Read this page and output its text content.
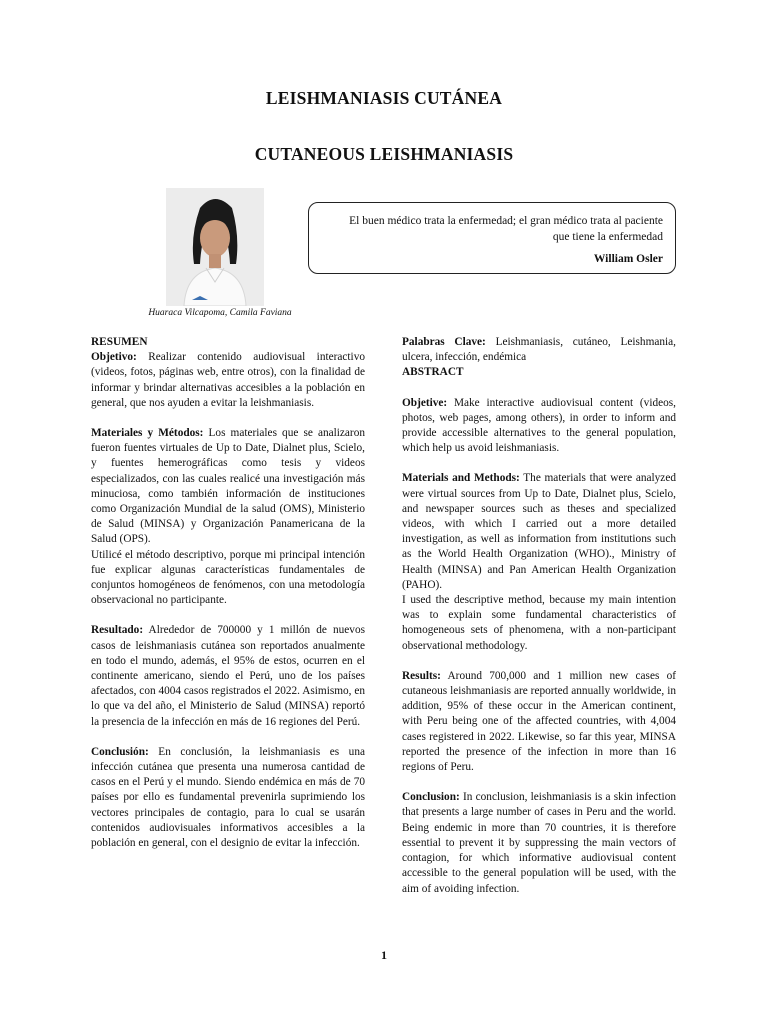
LEISHMANIASIS CUTÁNEA
CUTANEOUS LEISHMANIASIS
Huaraca Vilcapoma, Camila Faviana
El buen médico trata la enfermedad; el gran médico trata al paciente que tiene la enfermedad
William Osler

RESUMEN

Objetivo: Realizar contenido audiovisual interactivo (videos, fotos, páginas web, entre otros), con la finalidad de informar y brindar alternativas accesibles a la población en general, que nos ayuden a evitar la leishmaniasis.

Materiales y Métodos: Los materiales que se analizaron fueron fuentes virtuales de Up to Date, Dialnet plus, Scielo, y fuentes hemerográficas como tesis y videos especializados, con las cuales realicé una investigación más minuciosa, como también información de instituciones como Organización Mundial de la salud (OMS), Ministerio de Salud (MINSA) y Organización Panamericana de la Salud (OPS).

Utilicé el método descriptivo, porque mi principal intención fue explicar algunas características fundamentales de conjuntos homogéneos de fenómenos, con una metodología observacional no participante.

Resultado: Alrededor de 700000 y 1 millón de nuevos casos de leishmaniasis cutánea son reportados anualmente en todo el mundo, además, el 95% de estos, ocurren en el continente americano, siendo el Perú, uno de los países afectados, con 4004 casos registrados el 2022. Asimismo, en lo que va del año, el Ministerio de Salud (MINSA) reportó la presencia de la infección en más de 16 regiones del Perú.

Conclusión: En conclusión, la leishmaniasis es una infección cutánea que presenta una numerosa cantidad de casos en el Perú y el mundo. Siendo endémica en más de 70 países por ello es fundamental prevenirla suprimiendo los vectores principales de contagio, para lo cual se usarán contenidos audiovisuales informativos accesibles a la población en general, con el designio de evitar la infección.

Palabras Clave: Leishmaniasis, cutáneo, Leishmania, ulcera, infección, endémica

ABSTRACT

Objetive: Make interactive audiovisual content (videos, photos, web pages, among others), in order to inform and provide accessible alternatives to the general population, which help us avoid leishmaniasis.

Materials and Methods: The materials that were analyzed were virtual sources from Up to Date, Dialnet plus, Scielo, and newspaper sources such as theses and specialized videos, with which I carried out a more detailed investigation, as well as information from institutions such as the World Health Organization (WHO)., Ministry of Health (MINSA) and Pan American Health Organization (PAHO).

I used the descriptive method, because my main intention was to explain some fundamental characteristics of homogeneous sets of phenomena, with a non-participant observational methodology.

Results: Around 700,000 and 1 million new cases of cutaneous leishmaniasis are reported annually worldwide, in addition, 95% of these occur in the American continent, with Peru being one of the affected countries, with 4,004 cases registered in 2022. Likewise, so far this year, MINSA reported the presence of the infection in more than 16 regions of Peru.

Conclusion: In conclusion, leishmaniasis is a skin infection that presents a large number of cases in Peru and the world. Being endemic in more than 70 countries, it is therefore essential to prevent it by suppressing the main vectors of contagion, for which informative audiovisual content accessible to the general population will be used, with the aim of avoiding infection.

1
